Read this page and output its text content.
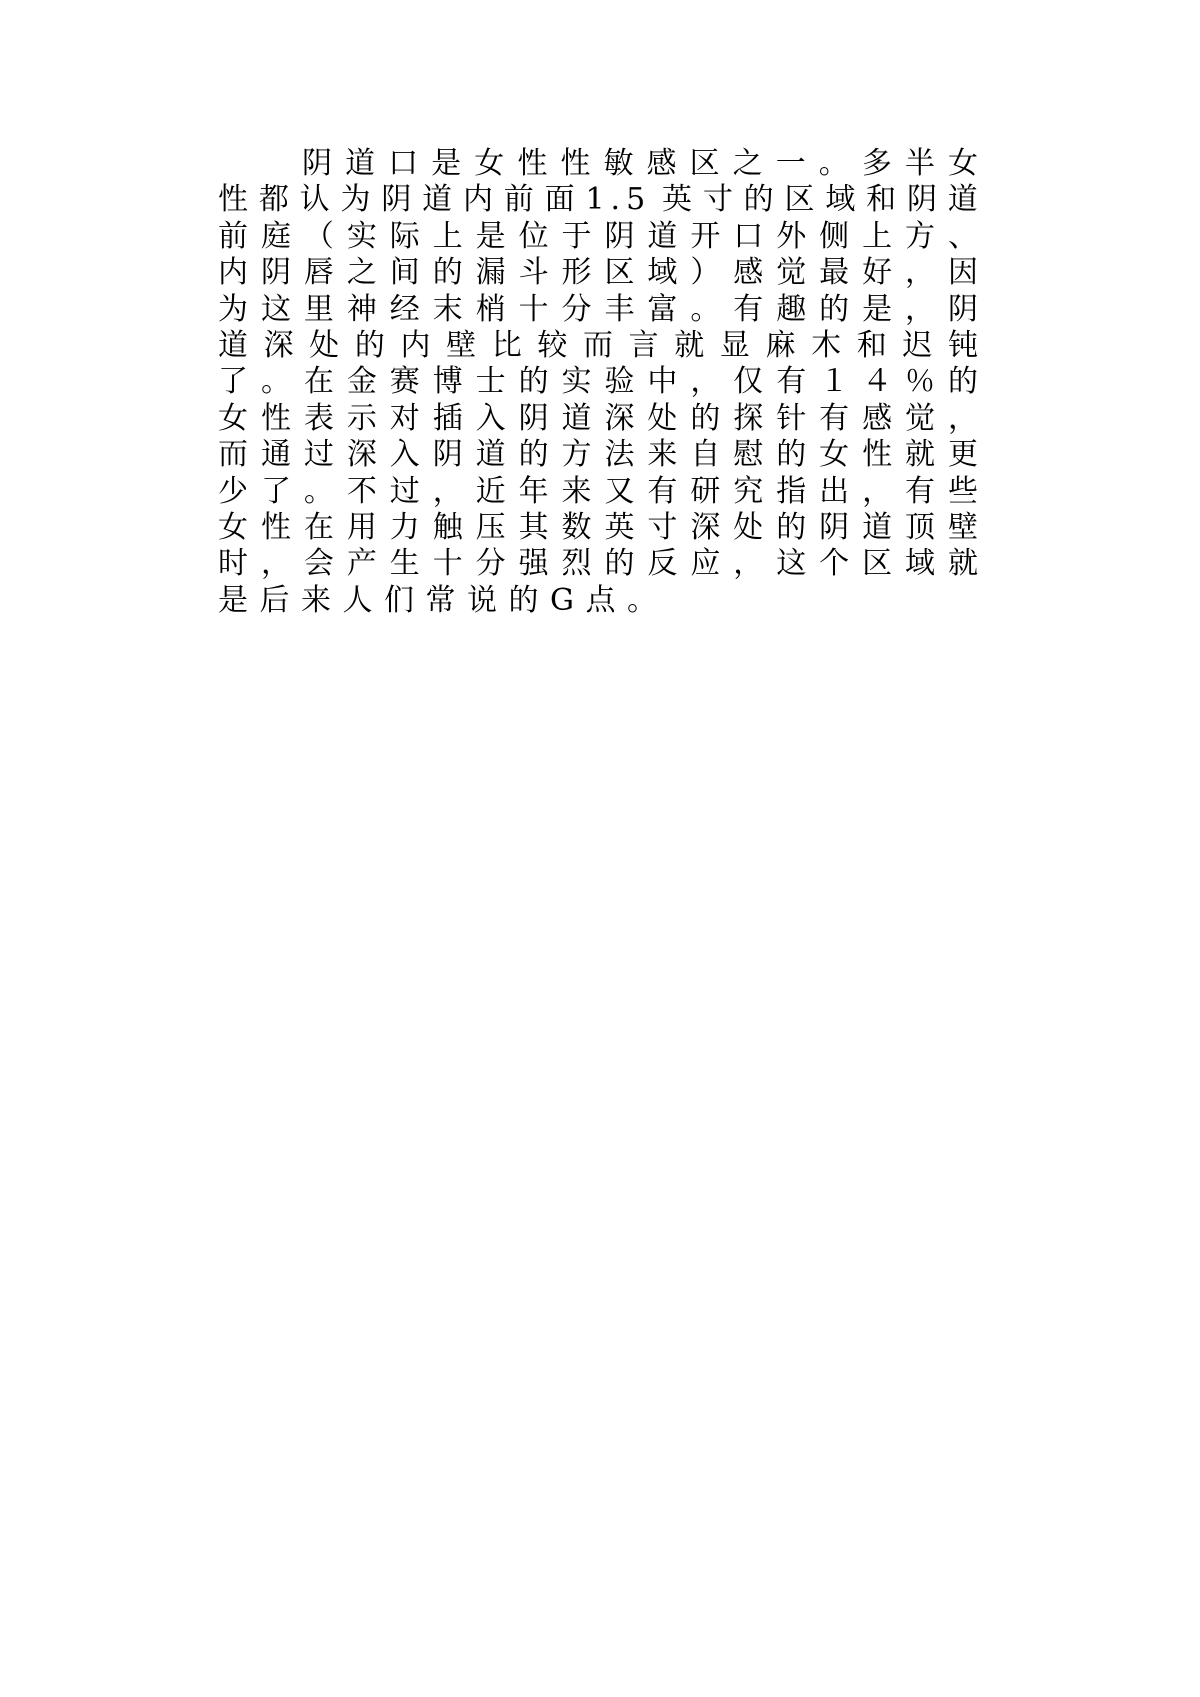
阴 道 口 是 女 性 性 敏 感 区 之 一 。 多 半 女
性 都 认 为 阴 道 内 前 面 1.5 英 寸 的 区 域 和 阴 道
前 庭 （ 实 际 上 是 位 于 阴 道 开 口 外 侧 上 方 、
内 阴 唇 之 间 的 漏 斗 形 区 域 ） 感 觉 最 好 ， 因
为 这 里 神 经 末 梢 十 分 丰 富 。 有 趣 的 是 ， 阴
道 深 处 的 内 壁 比 较 而 言 就 显 麻 木 和 迟 钝
了 。 在 金 赛 博 士 的 实 验 中 ， 仅 有 １ ４ ％ 的
女 性 表 示 对 插 入 阴 道 深 处 的 探 针 有 感 觉 ，
而 通 过 深 入 阴 道 的 方 法 来 自 慰 的 女 性 就 更
少 了 。 不 过 ， 近 年 来 又 有 研 究 指 出 ， 有 些
女 性 在 用 力 触 压 其 数 英 寸 深 处 的 阴 道 顶 壁
时 ， 会 产 生 十 分 强 烈 的 反 应 ， 这 个 区 域 就
是 后 来 人 们 常 说 的 G 点 。
